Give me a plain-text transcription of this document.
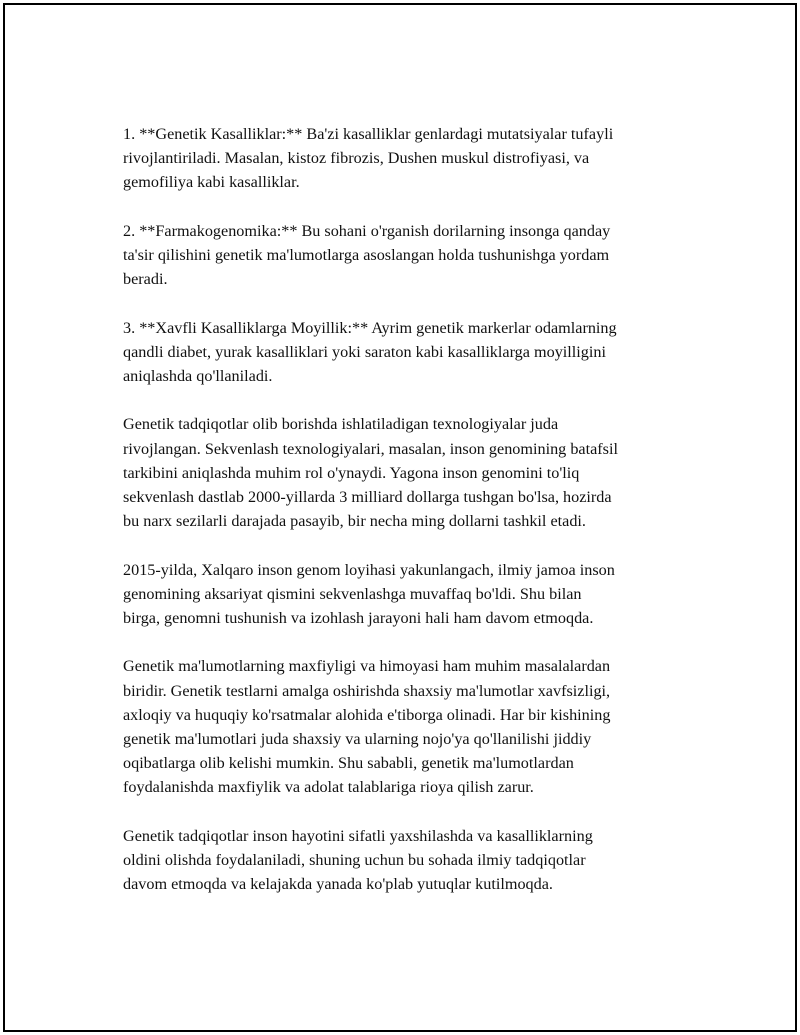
1. **Genetik Kasalliklar:** Ba'zi kasalliklar genlardagi mutatsiyalar tufayli
rivojlantiriladi. Masalan, kistoz fibrozis, Dushen muskul distrofiyasi, va
gemofiliya kabi kasalliklar.

2. **Farmakogenomika:** Bu sohani o'rganish dorilarning insonga qanday
ta'sir qilishini genetik ma'lumotlarga asoslangan holda tushunishga yordam
beradi.

3. **Xavfli Kasalliklarga Moyillik:** Ayrim genetik markerlar odamlarning
qandli diabet, yurak kasalliklari yoki saraton kabi kasalliklarga moyilligini
aniqlashda qo'llaniladi.

Genetik tadqiqotlar olib borishda ishlatiladigan texnologiyalar juda
rivojlangan. Sekvenlash texnologiyalari, masalan, inson genomining batafsil
tarkibini aniqlashda muhim rol o'ynaydi. Yagona inson genomini to'liq
sekvenlash dastlab 2000-yillarda 3 milliard dollarga tushgan bo'lsa, hozirda
bu narx sezilarli darajada pasayib, bir necha ming dollarni tashkil etadi.

2015-yilda, Xalqaro inson genom loyihasi yakunlangach, ilmiy jamoa inson
genomining aksariyat qismini sekvenlashga muvaffaq bo'ldi. Shu bilan
birga, genomni tushunish va izohlash jarayoni hali ham davom etmoqda.

Genetik ma'lumotlarning maxfiyligi va himoyasi ham muhim masalalardan
biridir. Genetik testlarni amalga oshirishda shaxsiy ma'lumotlar xavfsizligi,
axloqiy va huquqiy ko'rsatmalar alohida e'tiborga olinadi. Har bir kishining
genetik ma'lumotlari juda shaxsiy va ularning nojo'ya qo'llanilishi jiddiy
oqibatlarga olib kelishi mumkin. Shu sababli, genetik ma'lumotlardan
foydalanishda maxfiylik va adolat talablariga rioya qilish zarur.

Genetik tadqiqotlar inson hayotini sifatli yaxshilashda va kasalliklarning
oldini olishda foydalaniladi, shuning uchun bu sohada ilmiy tadqiqotlar
davom etmoqda va kelajakda yanada ko'plab yutuqlar kutilmoqda.
